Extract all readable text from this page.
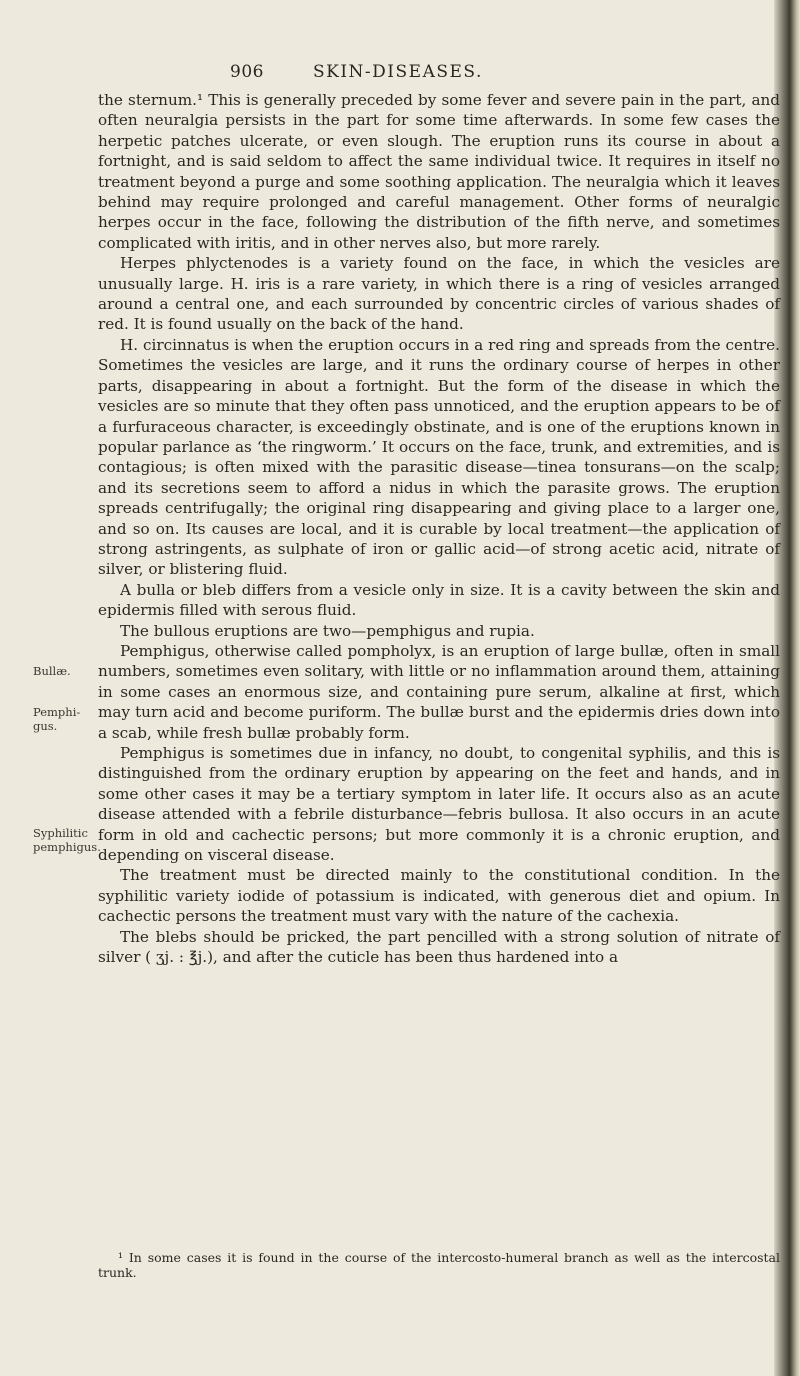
906	SKIN-DISEASES.

the sternum.¹ This is generally preceded by some fever and severe pain in the part, and often neuralgia persists in the part for some time afterwards. In some few cases the herpetic patches ulcerate, or even slough. The eruption runs its course in about a fortnight, and is said seldom to affect the same individual twice. It requires in itself no treatment beyond a purge and some soothing application. The neuralgia which it leaves behind may require prolonged and careful management. Other forms of neuralgic herpes occur in the face, following the distribution of the fifth nerve, and sometimes complicated with iritis, and in other nerves also, but more rarely.

Herpes phlyctenodes is a variety found on the face, in which the vesicles are unusually large. H. iris is a rare variety, in which there is a ring of vesicles arranged around a central one, and each surrounded by concentric circles of various shades of red. It is found usually on the back of the hand.

H. circinnatus is when the eruption occurs in a red ring and spreads from the centre. Sometimes the vesicles are large, and it runs the ordinary course of herpes in other parts, disappearing in about a fortnight. But the form of the disease in which the vesicles are so minute that they often pass unnoticed, and the eruption appears to be of a furfuraceous character, is exceedingly obstinate, and is one of the eruptions known in popular parlance as ‘the ringworm.’ It occurs on the face, trunk, and extremities, and is contagious; is often mixed with the parasitic disease—tinea tonsurans—on the scalp; and its secretions seem to afford a nidus in which the parasite grows. The eruption spreads centrifugally; the original ring disappearing and giving place to a larger one, and so on. Its causes are local, and it is curable by local treatment—the application of strong astringents, as sulphate of iron or gallic acid—of strong acetic acid, nitrate of silver, or blistering fluid.

A bulla or bleb differs from a vesicle only in size. It is a cavity between the skin and epidermis filled with serous fluid.

The bullous eruptions are two—pemphigus and rupia.

Pemphigus, otherwise called pompholyx, is an eruption of large bullæ, often in small numbers, sometimes even solitary, with little or no inflammation around them, attaining in some cases an enormous size, and containing pure serum, alkaline at first, which may turn acid and become puriform. The bullæ burst and the epidermis dries down into a scab, while fresh bullæ probably form.

Pemphigus is sometimes due in infancy, no doubt, to congenital syphilis, and this is distinguished from the ordinary eruption by appearing on the feet and hands, and in some other cases it may be a tertiary symptom in later life. It occurs also as an acute disease attended with a febrile disturbance—febris bullosa. It also occurs in an acute form in old and cachectic persons; but more commonly it is a chronic eruption, and depending on visceral disease.

The treatment must be directed mainly to the constitutional condition. In the syphilitic variety iodide of potassium is indicated, with generous diet and opium. In cachectic persons the treatment must vary with the nature of the cachexia.

The blebs should be pricked, the part pencilled with a strong solution of nitrate of silver ( ʒj. : ℥j.), and after the cuticle has been thus hardened into a

Bullæ.
Pemphi-gus.
Syphilitic pemphigus.
¹ In some cases it is found in the course of the intercosto-humeral branch as well as the intercostal trunk.
